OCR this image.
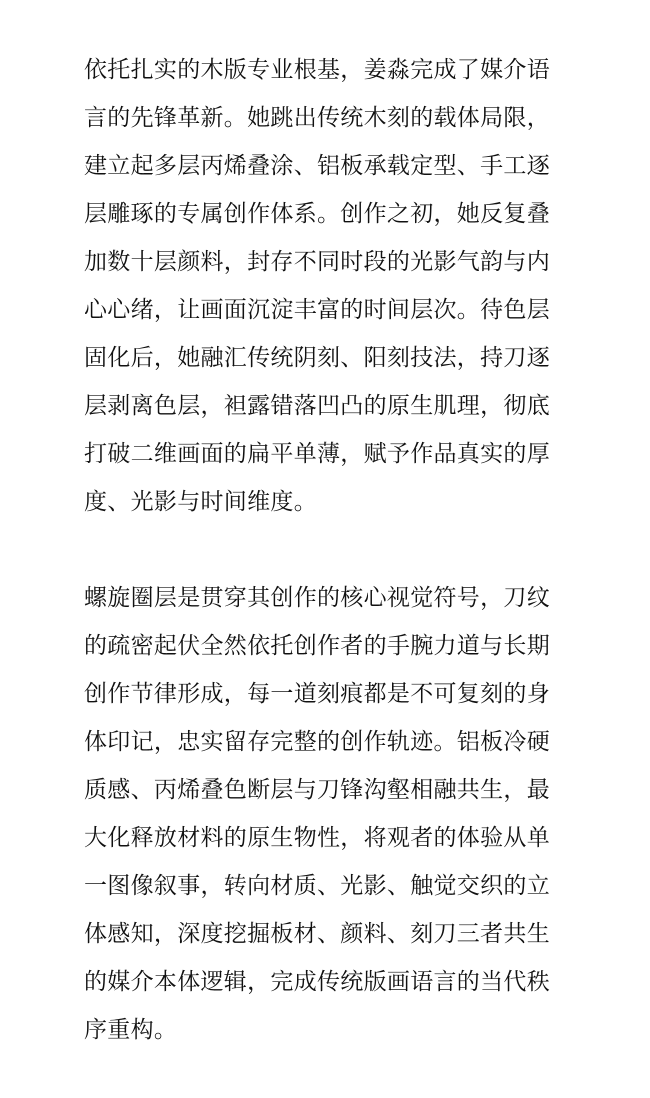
依托扎实的木版专业根基，姜淼完成了媒介语
言的先锋革新。她跳出传统木刻的载体局限，
建立起多层丙烯叠涂、铝板承载定型、手工逐
层雕琢的专属创作体系。创作之初，她反复叠
加数十层颜料，封存不同时段的光影气韵与内
心心绪，让画面沉淀丰富的时间层次。待色层
固化后，她融汇传统阴刻、阳刻技法，持刀逐
层剥离色层，袒露错落凹凸的原生肌理，彻底
打破二维画面的扁平单薄，赋予作品真实的厚
度、光影与时间维度。
螺旋圈层是贯穿其创作的核心视觉符号，刀纹
的疏密起伏全然依托创作者的手腕力道与长期
创作节律形成，每一道刻痕都是不可复刻的身
体印记，忠实留存完整的创作轨迹。铝板冷硬
质感、丙烯叠色断层与刀锋沟壑相融共生，最
大化释放材料的原生物性，将观者的体验从单
一图像叙事，转向材质、光影、触觉交织的立
体感知，深度挖掘板材、颜料、刻刀三者共生
的媒介本体逻辑，完成传统版画语言的当代秩
序重构。
